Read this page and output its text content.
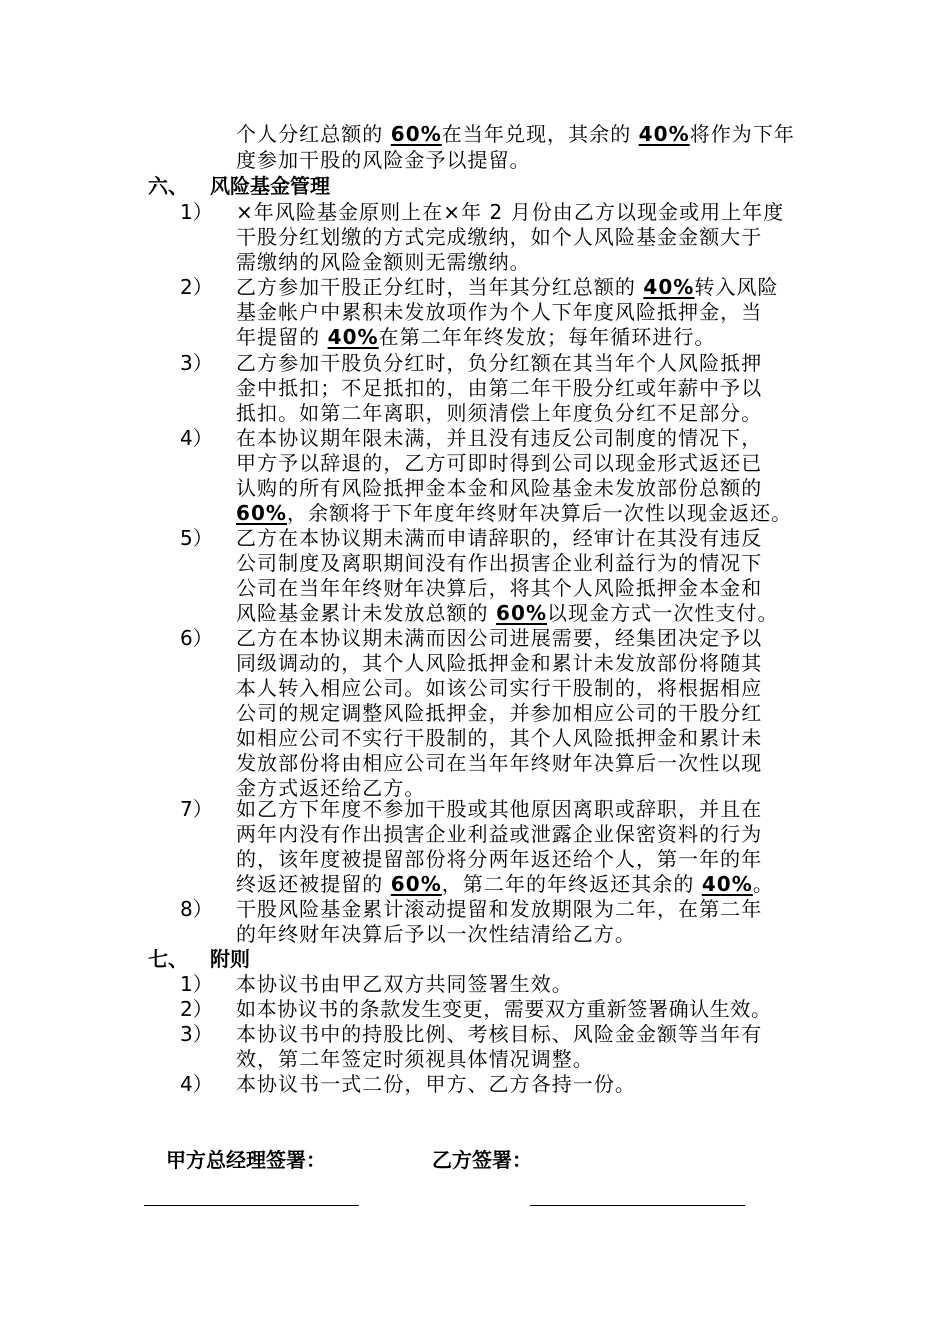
个人分红总额的 60%在当年兑现，其余的 40%将作为下年
度参加干股的风险金予以提留。
六、 风险基金管理
1） ×年风险基金原则上在×年 2 月份由乙方以现金或用上年度
干股分红划缴的方式完成缴纳，如个人风险基金金额大于
需缴纳的风险金额则无需缴纳。
2） 乙方参加干股正分红时，当年其分红总额的 40%转入风险
基金帐户中累积未发放项作为个人下年度风险抵押金，当
年提留的 40%在第二年年终发放；每年循环进行。
3） 乙方参加干股负分红时，负分红额在其当年个人风险抵押
金中抵扣；不足抵扣的，由第二年干股分红或年薪中予以
抵扣。如第二年离职，则须清偿上年度负分红不足部分。
4） 在本协议期年限未满，并且没有违反公司制度的情况下，
甲方予以辞退的，乙方可即时得到公司以现金形式返还已
认购的所有风险抵押金本金和风险基金未发放部份总额的
60%，余额将于下年度年终财年决算后一次性以现金返还。
5） 乙方在本协议期未满而申请辞职的，经审计在其没有违反
公司制度及离职期间没有作出损害企业利益行为的情况下
公司在当年年终财年决算后，将其个人风险抵押金本金和
风险基金累计未发放总额的 60%以现金方式一次性支付。
6） 乙方在本协议期未满而因公司进展需要，经集团决定予以
同级调动的，其个人风险抵押金和累计未发放部份将随其
本人转入相应公司。如该公司实行干股制的，将根据相应
公司的规定调整风险抵押金，并参加相应公司的干股分红
如相应公司不实行干股制的，其个人风险抵押金和累计未
发放部份将由相应公司在当年年终财年决算后一次性以现
金方式返还给乙方。
7） 如乙方下年度不参加干股或其他原因离职或辞职，并且在
两年内没有作出损害企业利益或泄露企业保密资料的行为
的，该年度被提留部份将分两年返还给个人，第一年的年
终返还被提留的 60%，第二年的年终返还其余的 40%。
8） 干股风险基金累计滚动提留和发放期限为二年，在第二年
的年终财年决算后予以一次性结清给乙方。
七、 附则
1） 本协议书由甲乙双方共同签署生效。
2） 如本协议书的条款发生变更，需要双方重新签署确认生效。
3） 本协议书中的持股比例、考核目标、风险金金额等当年有
效，第二年签定时须视具体情况调整。
4） 本协议书一式二份，甲方、乙方各持一份。
甲方总经理签署：	乙方签署：
